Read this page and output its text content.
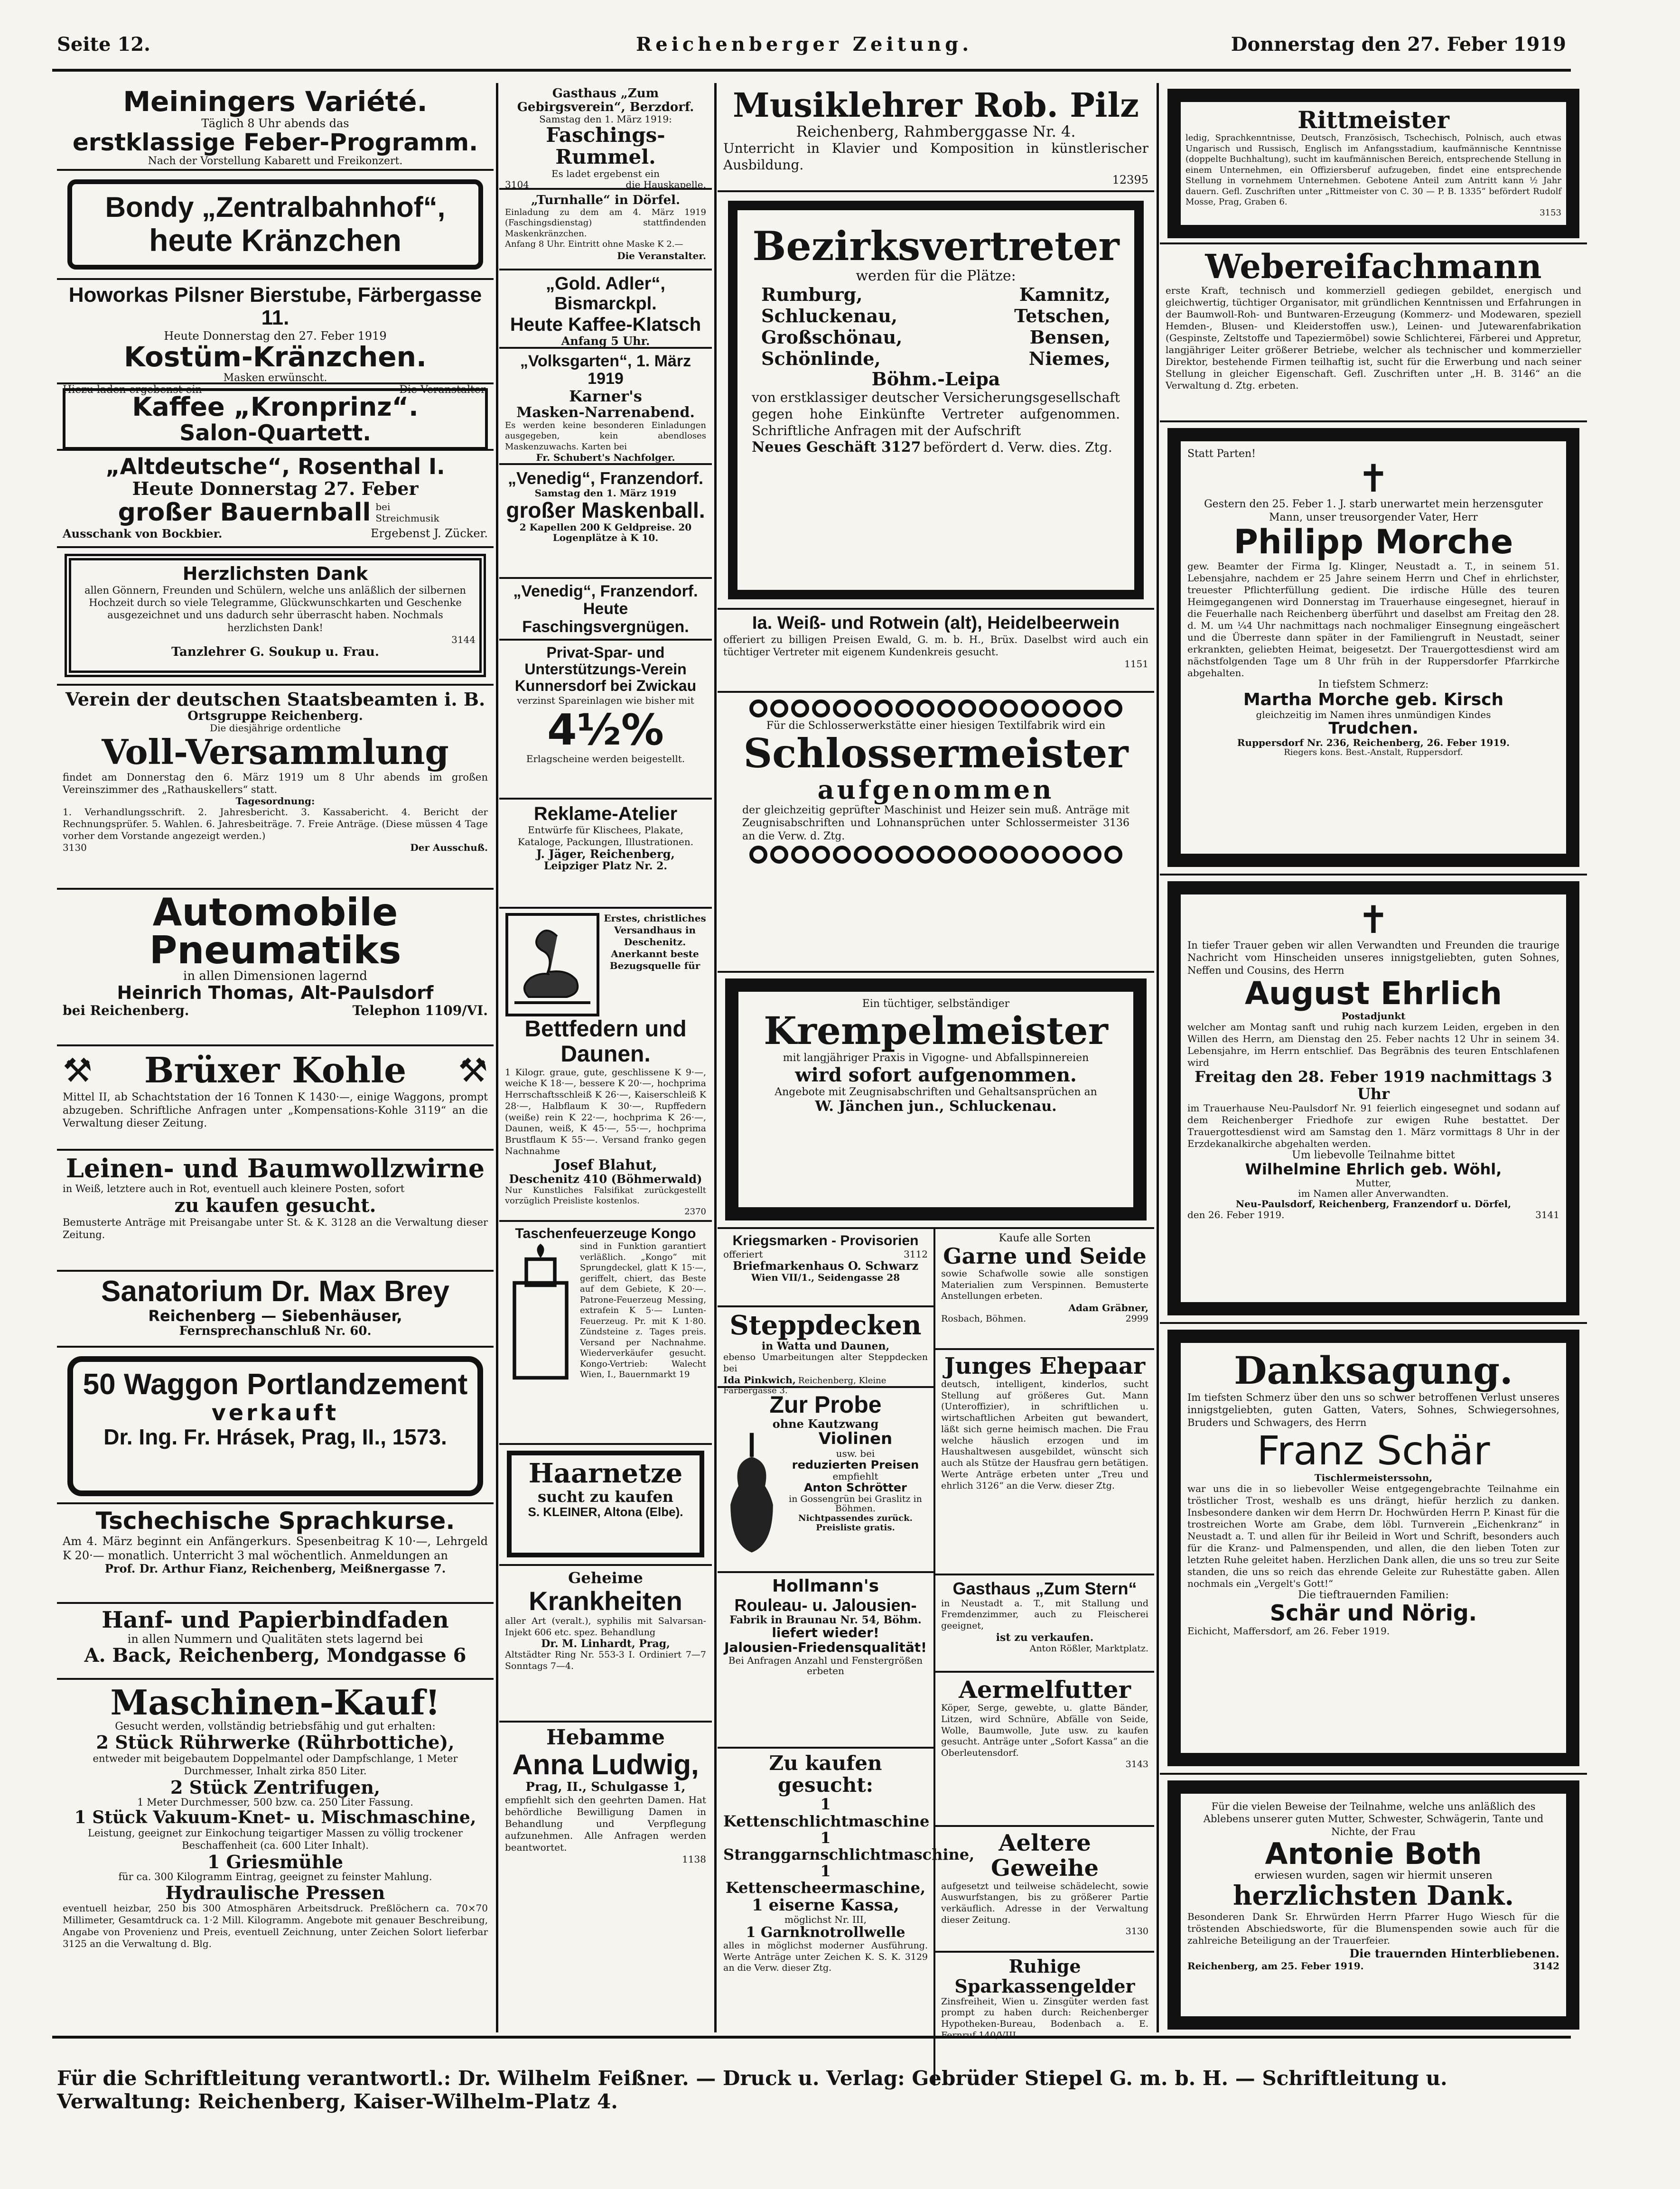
Seite 12.	Reichenberger Zeitung.	Donnerstag den 27. Feber 1919
Meiningers Variété.
Täglich 8 Uhr abends das
erstklassige Feber-Programm.
Nach der Vorstellung Kabarett und Freikonzert.
Bondy „Zentralbahnhof“,
heute Kränzchen
Howorkas Pilsner Bierstube, Färbergasse 11.
Heute Donnerstag den 27. Feber 1919
Kostüm-Kränzchen.
Masken erwünscht.
Hiezu laden ergebenst ein	Die Veranstalter.
Kaffee „Kronprinz“.
Salon-Quartett.
„Altdeutsche“, Rosenthal I.
Heute Donnerstag 27. Feber
großer Bauernball bei Streichmusik
Ausschank von Bockbier.	Ergebenst J. Zücker.
Herzlichsten Dank
allen Gönnern, Freunden und Schülern, welche uns anläßlich der silbernen Hochzeit durch so viele Telegramme, Glückwunschkarten und Geschenke ausgezeichnet und uns dadurch sehr überrascht haben. Nochmals herzlichsten Dank!
3144
Tanzlehrer G. Soukup u. Frau.
Verein der deutschen Staatsbeamten i. B.
Ortsgruppe Reichenberg.
Die diesjährige ordentliche
Voll-Versammlung
findet am Donnerstag den 6. März 1919 um 8 Uhr abends im großen Vereinszimmer des „Rathauskellers“ statt.
Tagesordnung:
1. Verhandlungsschrift. 2. Jahresbericht. 3. Kassabericht. 4. Bericht der Rechnungsprüfer. 5. Wahlen. 6. Jahresbeiträge. 7. Freie Anträge. (Diese müssen 4 Tage vorher dem Vorstande angezeigt werden.)
3130	Der Ausschuß.
Automobile
Pneumatiks
in allen Dimensionen lagernd
Heinrich Thomas, Alt-Paulsdorf
bei Reichenberg.	Telephon 1109/VI.
⚒ Brüxer Kohle ⚒
Mittel II, ab Schachtstation der 16 Tonnen K 1430·—, einige Waggons, prompt abzugeben. Schriftliche Anfragen unter „Kompensations-Kohle 3119“ an die Verwaltung dieser Zeitung.
Leinen- und Baumwollzwirne
in Weiß, letztere auch in Rot, eventuell auch kleinere Posten, sofort
zu kaufen gesucht.
Bemusterte Anträge mit Preisangabe unter St. & K. 3128 an die Verwaltung dieser Zeitung.
Sanatorium Dr. Max Brey
Reichenberg — Siebenhäuser,
Fernsprechanschluß Nr. 60.
50 Waggon Portlandzement
verkauft
Dr. Ing. Fr. Hrásek, Prag, II., 1573.
Tschechische Sprachkurse.
Am 4. März beginnt ein Anfängerkurs. Spesenbeitrag K 10·—, Lehrgeld K 20·— monatlich. Unterricht 3 mal wöchentlich. Anmeldungen an
Prof. Dr. Arthur Fianz, Reichenberg, Meißnergasse 7.
Hanf- und Papierbindfaden
in allen Nummern und Qualitäten stets lagernd bei
A. Back, Reichenberg, Mondgasse 6
Maschinen-Kauf!
Gesucht werden, vollständig betriebsfähig und gut erhalten:
2 Stück Rührwerke (Rührbottiche),
entweder mit beigebautem Doppelmantel oder Dampfschlange, 1 Meter Durchmesser, Inhalt zirka 850 Liter.
2 Stück Zentrifugen,
1 Meter Durchmesser, 500 bzw. ca. 250 Liter Fassung.
1 Stück Vakuum-Knet- u. Mischmaschine,
Leistung, geeignet zur Einkochung teigartiger Massen zu völlig trockener Beschaffenheit (ca. 600 Liter Inhalt).
1 Griesmühle
für ca. 300 Kilogramm Eintrag, geeignet zu feinster Mahlung.
Hydraulische Pressen
eventuell heizbar, 250 bis 300 Atmosphären Arbeitsdruck. Preßlöchern ca. 70×70 Millimeter, Gesamtdruck ca. 1·2 Mill. Kilogramm. Angebote mit genauer Beschreibung, Angabe von Provenienz und Preis, eventuell Zeichnung, unter Zeichen Solort lieferbar 3125 an die Verwaltung d. Blg.
Gasthaus „Zum Gebirgsverein“, Berzdorf.
Samstag den 1. März 1919:
Faschings-Rummel.
Es ladet ergebenst ein
3104	die Hauskapelle.
„Turnhalle“ in Dörfel.
Einladung zu dem am 4. März 1919 (Faschingsdienstag) stattfindenden Maskenkränzchen.
Anfang 8 Uhr. Eintritt ohne Maske K 2.—
Die Veranstalter.
„Gold. Adler“, Bismarckpl.
Heute Kaffee-Klatsch
Anfang 5 Uhr.
„Volksgarten“, 1. März 1919
Karner's
Masken-Narrenabend.
Es werden keine besonderen Einladungen ausgegeben, kein abendloses Maskenzuwachs. Karten bei
Fr. Schubert's Nachfolger.
„Venedig“, Franzendorf.
Samstag den 1. März 1919
großer Maskenball.
2 Kapellen 200 K Geldpreise. 20 Logenplätze à K 10.
„Venedig“, Franzendorf.
Heute Faschingsvergnügen.
Privat-Spar- und Unterstützungs-Verein
Kunnersdorf bei Zwickau
verzinst Spareinlagen wie bisher mit
4½%
Erlagscheine werden beigestellt.
Reklame-Atelier
Entwürfe für Klischees, Plakate, Kataloge, Packungen, Illustrationen.
J. Jäger, Reichenberg,
Leipziger Platz Nr. 2.
Erstes, christliches Versandhaus in Deschenitz. Anerkannt beste Bezugsquelle für
Bettfedern und Daunen.
1 Kilogr. graue, gute, geschlissene K 9·—, weiche K 18·—, bessere K 20·—, hochprima Herrschaftsschleiß K 26·—, Kaiserschleiß K 28·—, Halbflaum K 30·—, Rupffedern (weiße) rein K 22·—, hochprima K 26·—, Daunen, weiß, K 45·—, 55·—, hochprima Brustflaum K 55·—. Versand franko gegen Nachnahme
Josef Blahut,
Deschenitz 410 (Böhmerwald)
Nur Kunstliches Falsifikat zurückgestellt vorzüglich Preisliste kostenlos.
2370
Taschenfeuerzeuge Kongo
sind in Funktion garantiert verläßlich. „Kongo“ mit Sprungdeckel, glatt K 15·—, geriffelt, chiert, das Beste auf dem Gebiete, K 20·—. Patrone-Feuerzeug Messing, extrafein K 5·— Lunten-Feuerzeug. Pr. mit K 1·80. Zündsteine z. Tages preis. Versand per Nachnahme. Wiederverkäufer gesucht. Kongo-Vertrieb: Walecht Wien, I., Bauernmarkt 19
Haarnetze
sucht zu kaufen
S. KLEINER, Altona (Elbe).
Geheime
Krankheiten
aller Art (veralt.), syphilis mit Salvarsan-Injekt 606 etc. spez. Behandlung
Dr. M. Linhardt, Prag,
Altstädter Ring Nr. 553-3 I. Ordiniert 7—7 Sonntags 7—4.
Hebamme
Anna Ludwig,
Prag, II., Schulgasse 1,
empfiehlt sich den geehrten Damen. Hat behördliche Bewilligung Damen in Behandlung und Verpflegung aufzunehmen. Alle Anfragen werden beantwortet.
1138
Musiklehrer Rob. Pilz
Reichenberg, Rahmberggasse Nr. 4.
Unterricht in Klavier und Komposition in künstlerischer Ausbildung.
12395
Bezirksvertreter
werden für die Plätze:
Rumburg,	Kamnitz,
Schluckenau,	Tetschen,
Großschönau,	Bensen,
Schönlinde,	Niemes,
Böhm.-Leipa
von erstklassiger deutscher Versicherungsgesellschaft gegen hohe Einkünfte Vertreter aufgenommen. Schriftliche Anfragen mit der Aufschrift
Neues Geschäft 3127 befördert d. Verw. dies. Ztg.
Ia. Weiß- und Rotwein (alt), Heidelbeerwein
offeriert zu billigen Preisen Ewald, G. m. b. H., Brüx. Daselbst wird auch ein tüchtiger Vertreter mit eigenem Kundenkreis gesucht.
1151
Für die Schlosserwerkstätte einer hiesigen Textilfabrik wird ein
Schlossermeister
aufgenommen
der gleichzeitig geprüfter Maschinist und Heizer sein muß. Anträge mit Zeugnisabschriften und Lohnansprüchen unter Schlossermeister 3136 an die Verw. d. Ztg.
Ein tüchtiger, selbständiger
Krempelmeister
mit langjähriger Praxis in Vigogne- und Abfallspinnereien
wird sofort aufgenommen.
Angebote mit Zeugnisabschriften und Gehaltsansprüchen an
W. Jänchen jun., Schluckenau.
Kriegsmarken - Provisorien
offeriert	3112
Briefmarkenhaus O. Schwarz
Wien VII/1., Seidengasse 28
Steppdecken
in Watta und Daunen,
ebenso Umarbeitungen alter Steppdecken bei
Ida Pinkwich, Reichenberg, Kleine Farbergasse 3.
Zur Probe
ohne Kautzwang
Violinen
usw. bei
reduzierten Preisen
empfiehlt
Anton Schrötter
in Gossengrün bei Graslitz in Böhmen.
Nichtpassendes zurück. Preisliste gratis.
Hollmann's
Rouleau- u. Jalousien-
Fabrik in Braunau Nr. 54, Böhm.
liefert wieder!
Jalousien-Friedensqualität!
Bei Anfragen Anzahl und Fenstergrößen erbeten
Zu kaufen gesucht:
1 Kettenschlichtmaschine
1 Stranggarnschlichtmaschine,
1 Kettenscheermaschine,
1 eiserne Kassa,
möglichst Nr. III,
1 Garnknotrollwelle
alles in möglichst moderner Ausführung. Werte Anträge unter Zeichen K. S. K. 3129 an die Verw. dieser Ztg.
Kaufe alle Sorten
Garne und Seide
sowie Schafwolle sowie alle sonstigen Materialien zum Verspinnen. Bemusterte Anstellungen erbeten.
Adam Gräbner,
Rosbach, Böhmen.	2999
Junges Ehepaar
deutsch, intelligent, kinderlos, sucht Stellung auf größeres Gut. Mann (Unteroffizier), in schriftlichen u. wirtschaftlichen Arbeiten gut bewandert, läßt sich gerne heimisch machen. Die Frau welche häuslich erzogen und im Haushaltwesen ausgebildet, wünscht sich auch als Stütze der Hausfrau gern betätigen. Werte Anträge erbeten unter „Treu und ehrlich 3126“ an die Verw. dieser Ztg.
Gasthaus „Zum Stern“
in Neustadt a. T., mit Stallung und Fremdenzimmer, auch zu Fleischerei geeignet,
ist zu verkaufen.
Anton Rößler, Marktplatz.
Aermelfutter
Köper, Serge, gewebte, u. glatte Bänder, Litzen, wird Schnüre, Abfälle von Seide, Wolle, Baumwolle, Jute usw. zu kaufen gesucht. Anträge unter „Sofort Kassa“ an die Oberleutensdorf.
3143
Aeltere Geweihe
aufgesetzt und teilweise schädelecht, sowie Auswurfstangen, bis zu größerer Partie verkäuflich. Adresse in der Verwaltung dieser Zeitung.
3130
Ruhige Sparkassengelder
Zinsfreiheit, Wien u. Zinsgüter werden fast prompt zu haben durch: Reichenberger Hypotheken-Bureau, Bodenbach a. E. Fernruf 140/VIII.
Rittmeister
ledig, Sprachkenntnisse, Deutsch, Französisch, Tschechisch, Polnisch, auch etwas Ungarisch und Russisch, Englisch im Anfangsstadium, kaufmännische Kenntnisse (doppelte Buchhaltung), sucht im kaufmännischen Bereich, entsprechende Stellung in einem Unternehmen, ein Offiziersberuf aufzugeben, findet eine entsprechende Stellung in vornehmem Unternehmen. Gebotene Anteil zum Antritt kann ½ Jahr dauern. Gefl. Zuschriften unter „Rittmeister von C. 30 — P. B. 1335“ befördert Rudolf Mosse, Prag, Graben 6.
3153
Webereifachmann
erste Kraft, technisch und kommerziell gediegen gebildet, energisch und gleichwertig, tüchtiger Organisator, mit gründlichen Kenntnissen und Erfahrungen in der Baumwoll-Roh- und Buntwaren-Erzeugung (Kommerz- und Modewaren, speziell Hemden-, Blusen- und Kleiderstoffen usw.), Leinen- und Jutewarenfabrikation (Gespinste, Zeltstoffe und Tapeziermöbel) sowie Schlichterei, Färberei und Appretur, langjähriger Leiter größerer Betriebe, welcher als technischer und kommerzieller Direktor, bestehende Firmen teilhaftig ist, sucht für die Erwerbung und nach seiner Stellung in gleicher Eigenschaft. Gefl. Zuschriften unter „H. B. 3146“ an die Verwaltung d. Ztg. erbeten.
Statt Parten!
✝
Gestern den 25. Feber 1. J. starb unerwartet mein herzensguter Mann, unser treusorgender Vater, Herr
Philipp Morche
gew. Beamter der Firma Ig. Klinger, Neustadt a. T., in seinem 51. Lebensjahre, nachdem er 25 Jahre seinem Herrn und Chef in ehrlichster, treuester Pflichterfüllung gedient. Die irdische Hülle des teuren Heimgegangenen wird Donnerstag im Trauerhause eingesegnet, hierauf in die Feuerhalle nach Reichenberg überführt und daselbst am Freitag den 28. d. M. um ¼4 Uhr nachmittags nach nochmaliger Einsegnung eingeäschert und die Überreste dann später in der Familiengruft in Neustadt, seiner erkrankten, geliebten Heimat, beigesetzt. Der Trauergottesdienst wird am nächstfolgenden Tage um 8 Uhr früh in der Ruppersdorfer Pfarrkirche abgehalten.
In tiefstem Schmerz:
Martha Morche geb. Kirsch
gleichzeitig im Namen ihres unmündigen Kindes
Trudchen.
Ruppersdorf Nr. 236, Reichenberg, 26. Feber 1919.
Riegers kons. Best.-Anstalt, Ruppersdorf.
✝
In tiefer Trauer geben wir allen Verwandten und Freunden die traurige Nachricht vom Hinscheiden unseres innigstgeliebten, guten Sohnes, Neffen und Cousins, des Herrn
August Ehrlich
Postadjunkt
welcher am Montag sanft und ruhig nach kurzem Leiden, ergeben in den Willen des Herrn, am Dienstag den 25. Feber nachts 12 Uhr in seinem 34. Lebensjahre, im Herrn entschlief. Das Begräbnis des teuren Entschlafenen wird
Freitag den 28. Feber 1919 nachmittags 3 Uhr
im Trauerhause Neu-Paulsdorf Nr. 91 feierlich eingesegnet und sodann auf dem Reichenberger Friedhofe zur ewigen Ruhe bestattet. Der Trauergottesdienst wird am Samstag den 1. März vormittags 8 Uhr in der Erzdekanalkirche abgehalten werden.
Um liebevolle Teilnahme bittet
Wilhelmine Ehrlich geb. Wöhl,
Mutter,
im Namen aller Anverwandten.
Neu-Paulsdorf, Reichenberg, Franzendorf u. Dörfel,
den 26. Feber 1919.	3141
Danksagung.
Im tiefsten Schmerz über den uns so schwer betroffenen Verlust unseres innigstgeliebten, guten Gatten, Vaters, Sohnes, Schwiegersohnes, Bruders und Schwagers, des Herrn
Franz Schär
Tischlermeisterssohn,
war uns die in so liebevoller Weise entgegengebrachte Teilnahme ein tröstlicher Trost, weshalb es uns drängt, hiefür herzlich zu danken. Insbesondere danken wir dem Herrn Dr. Hochwürden Herrn P. Kinast für die trostreichen Worte am Grabe, dem löbl. Turnverein „Eichenkranz“ in Neustadt a. T. und allen für ihr Beileid in Wort und Schrift, besonders auch für die Kranz- und Palmenspenden, und allen, die den lieben Toten zur letzten Ruhe geleitet haben. Herzlichen Dank allen, die uns so treu zur Seite standen, die uns so reich das ehrende Geleite zur Ruhestätte gaben. Allen nochmals ein „Vergelt's Gott!“
Die tieftrauernden Familien:
Schär und Nörig.
Eichicht, Maffersdorf, am 26. Feber 1919.
Für die vielen Beweise der Teilnahme, welche uns anläßlich des Ablebens unserer guten Mutter, Schwester, Schwägerin, Tante und Nichte, der Frau
Antonie Both
erwiesen wurden, sagen wir hiermit unseren
herzlichsten Dank.
Besonderen Dank Sr. Ehrwürden Herrn Pfarrer Hugo Wiesch für die tröstenden Abschiedsworte, für die Blumenspenden sowie auch für die zahlreiche Beteiligung an der Trauerfeier.
Die trauernden Hinterbliebenen.
Reichenberg, am 25. Feber 1919.	3142
Für die Schriftleitung verantwortl.: Dr. Wilhelm Feißner. — Druck u. Verlag: Gebrüder Stiepel G. m. b. H. — Schriftleitung u. Verwaltung: Reichenberg, Kaiser-Wilhelm-Platz 4.
